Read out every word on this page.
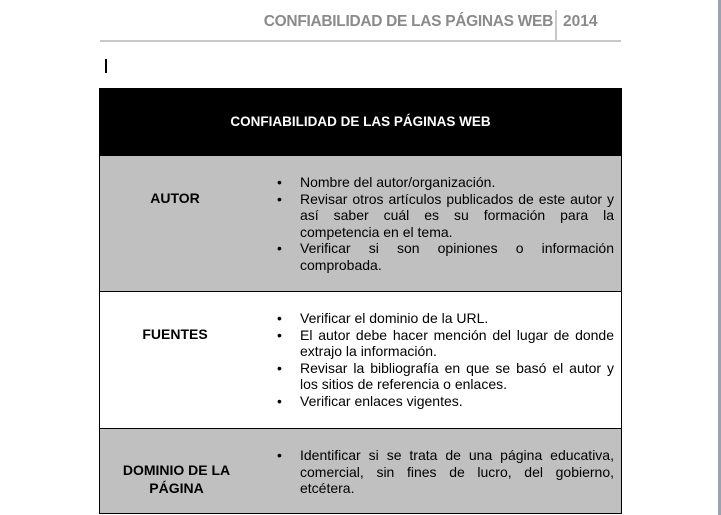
CONFIABILIDAD DE LAS PÁGINAS WEB 2014
CONFIABILIDAD DE LAS PÁGINAS WEB
AUTOR
• Nombre del autor/organización.
• Revisar otros artículos publicados de este autor y así saber cuál es su formación para la competencia en el tema.
• Verificar si son opiniones o información comprobada.
FUENTES
• Verificar el dominio de la URL.
• El autor debe hacer mención del lugar de donde extrajo la información.
• Revisar la bibliografía en que se basó el autor y los sitios de referencia o enlaces.
• Verificar enlaces vigentes.
DOMINIO DE LA PÁGINA
• Identificar si se trata de una página educativa, comercial, sin fines de lucro, del gobierno, etcétera.
